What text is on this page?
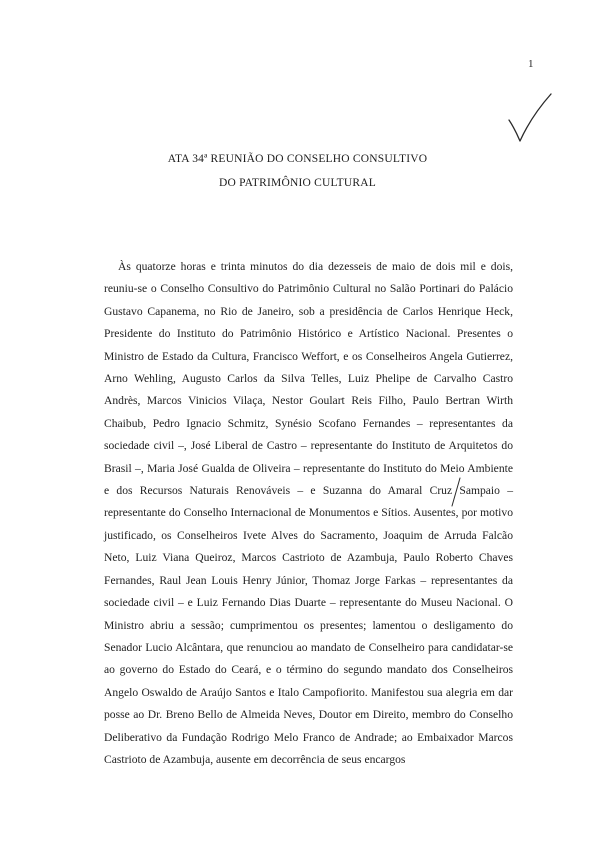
1
ATA 34ª REUNIÃO DO CONSELHO CONSULTIVO
DO PATRIMÔNIO CULTURAL

Às quatorze horas e trinta minutos do dia dezesseis de maio de dois mil e dois, reuniu-se o Conselho Consultivo do Patrimônio Cultural no Salão Portinari do Palácio Gustavo Capanema, no Rio de Janeiro, sob a presidência de Carlos Henrique Heck, Presidente do Instituto do Patrimônio Histórico e Artístico Nacional. Presentes o Ministro de Estado da Cultura, Francisco Weffort, e os Conselheiros Angela Gutierrez, Arno Wehling, Augusto Carlos da Silva Telles, Luiz Phelipe de Carvalho Castro Andrès, Marcos Vinicios Vilaça, Nestor Goulart Reis Filho, Paulo Bertran Wirth Chaibub, Pedro Ignacio Schmitz, Synésio Scofano Fernandes – representantes da sociedade civil –, José Liberal de Castro – representante do Instituto de Arquitetos do Brasil –, Maria José Gualda de Oliveira – representante do Instituto do Meio Ambiente e dos Recursos Naturais Renováveis – e Suzanna do Amaral Cruz Sampaio – representante do Conselho Internacional de Monumentos e Sítios. Ausentes, por motivo justificado, os Conselheiros Ivete Alves do Sacramento, Joaquim de Arruda Falcão Neto, Luiz Viana Queiroz, Marcos Castrioto de Azambuja, Paulo Roberto Chaves Fernandes, Raul Jean Louis Henry Júnior, Thomaz Jorge Farkas – representantes da sociedade civil – e Luiz Fernando Dias Duarte – representante do Museu Nacional. O Ministro abriu a sessão; cumprimentou os presentes; lamentou o desligamento do Senador Lucio Alcântara, que renunciou ao mandato de Conselheiro para candidatar-se ao governo do Estado do Ceará, e o término do segundo mandato dos Conselheiros Angelo Oswaldo de Araújo Santos e Italo Campofiorito. Manifestou sua alegria em dar posse ao Dr. Breno Bello de Almeida Neves, Doutor em Direito, membro do Conselho Deliberativo da Fundação Rodrigo Melo Franco de Andrade; ao Embaixador Marcos Castrioto de Azambuja, ausente em decorrência de seus encargos
